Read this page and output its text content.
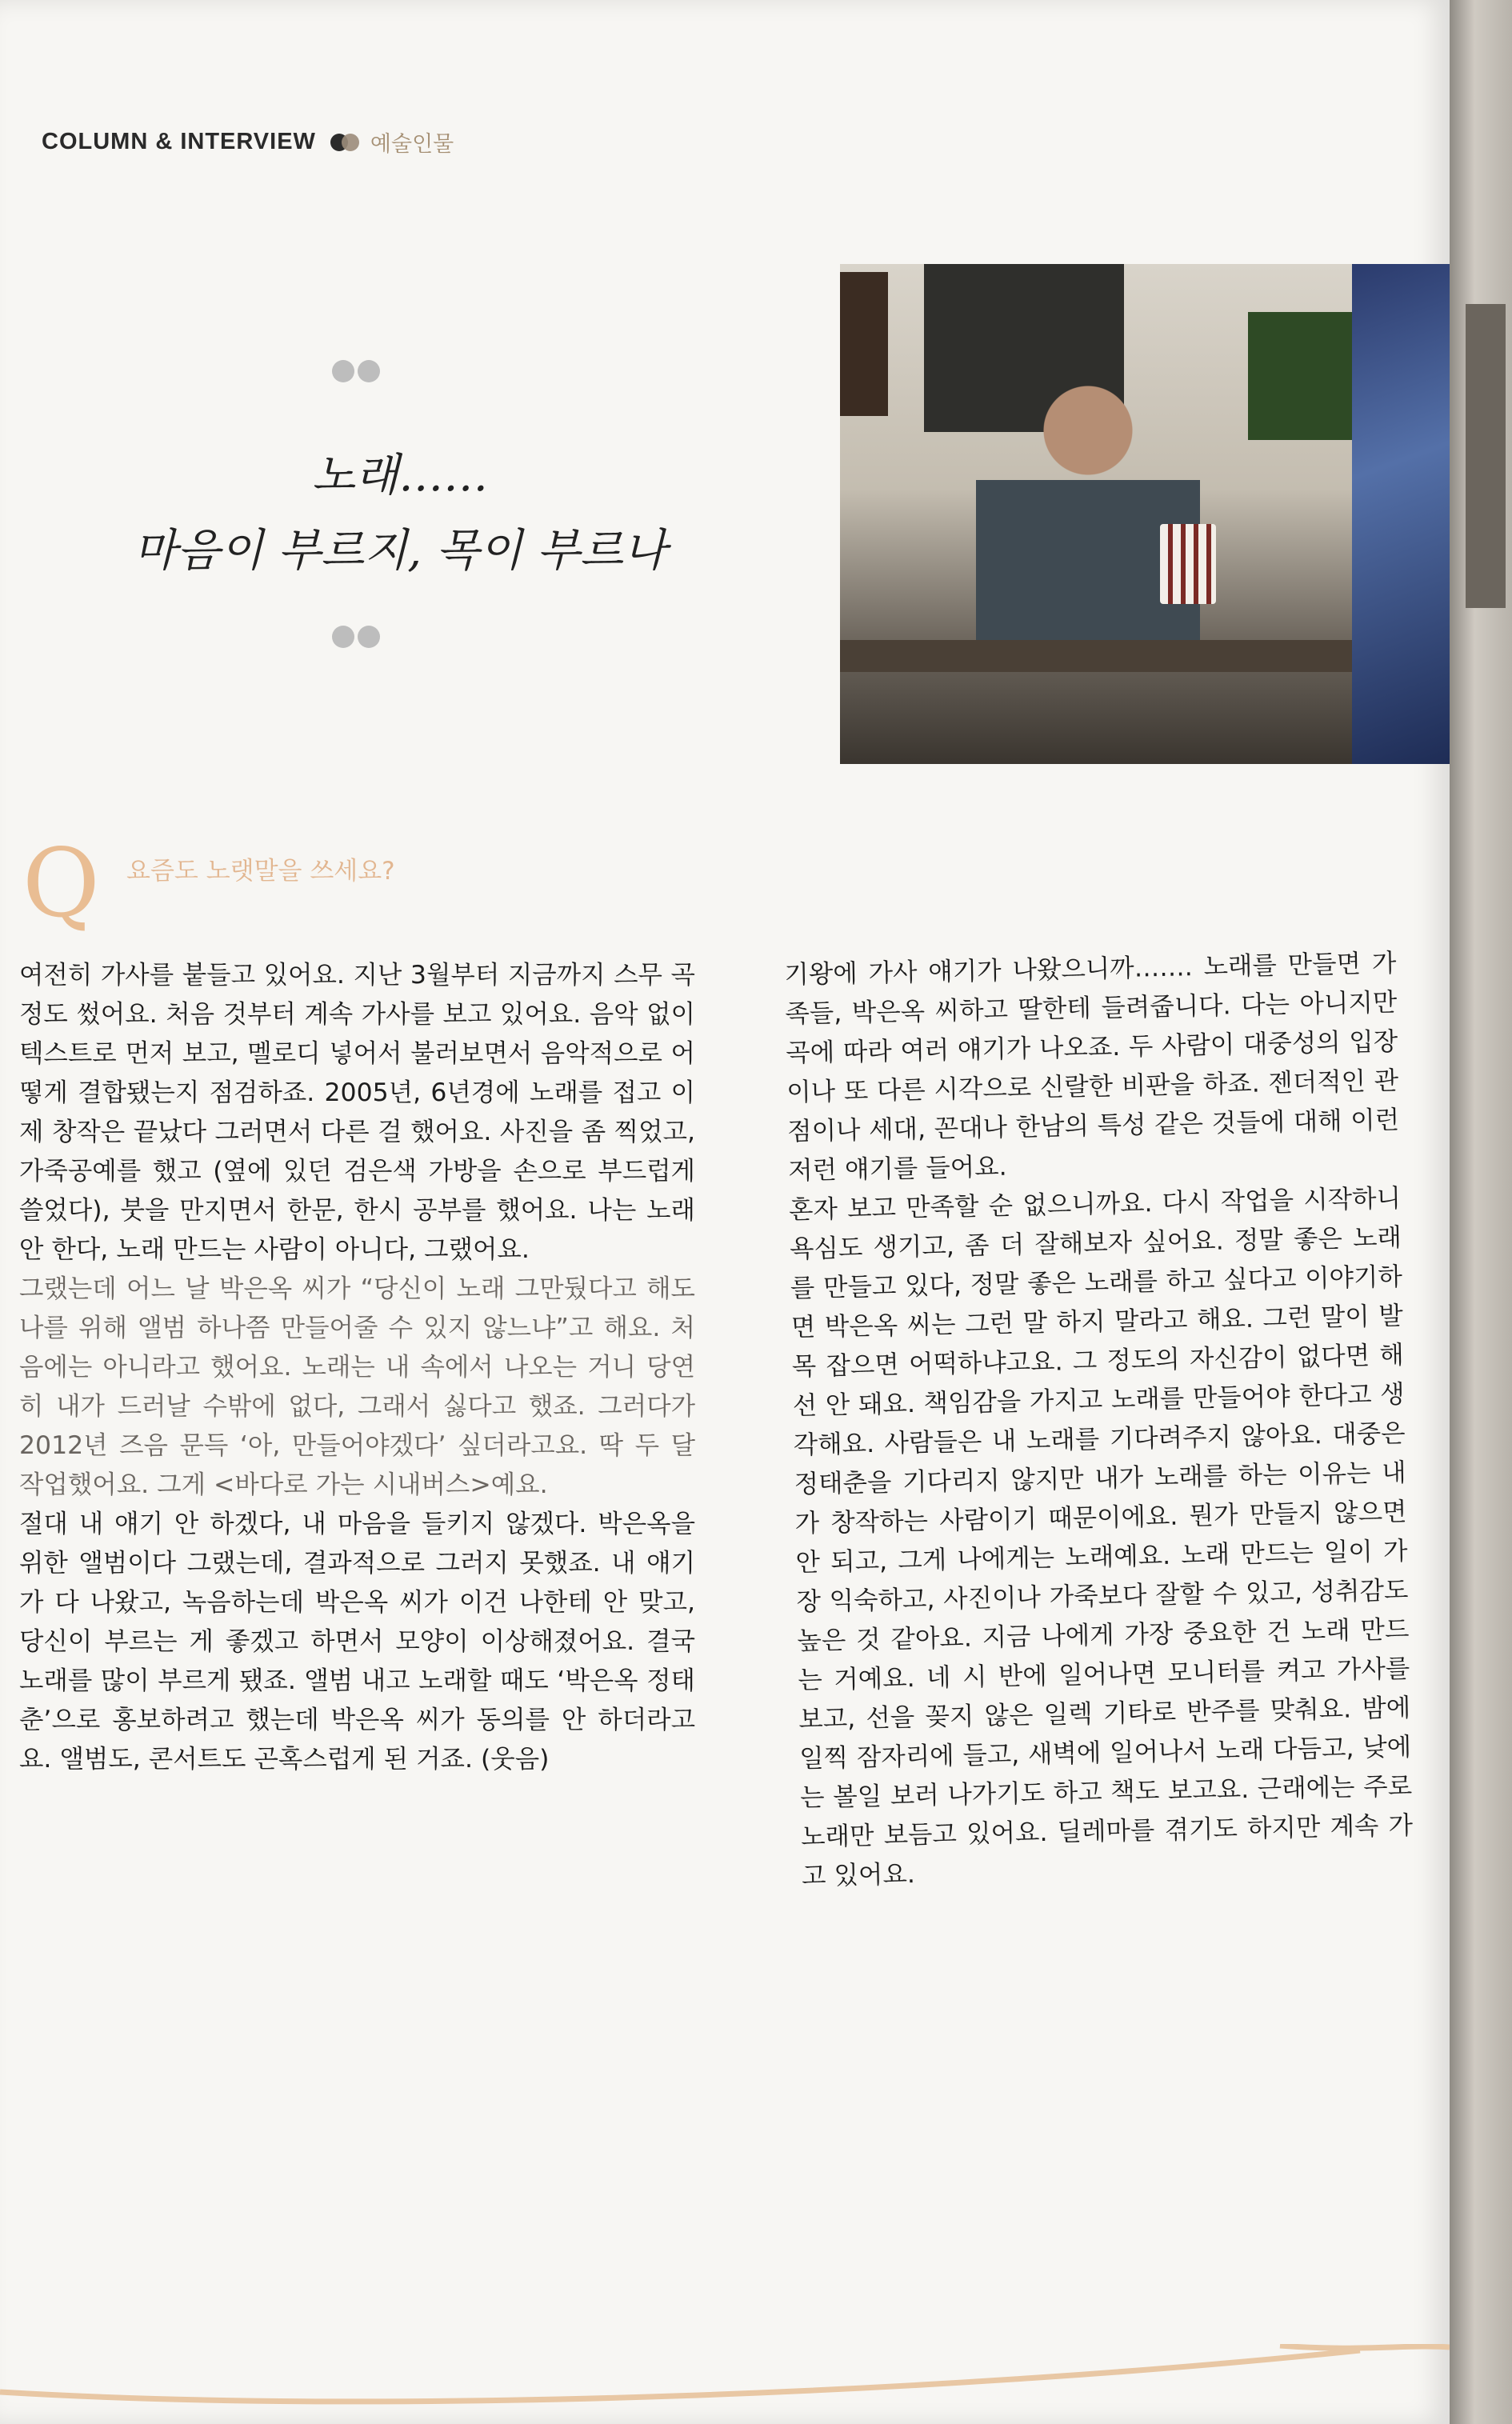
COLUMN & INTERVIEW	예술인물
노래……
마음이 부르지, 목이 부르나
Q 요즘도 노랫말을 쓰세요?

여전히 가사를 붙들고 있어요. 지난 3월부터 지금까지 스무 곡 정도 썼어요. 처음 것부터 계속 가사를 보고 있어요. 음악 없이 텍스트로 먼저 보고, 멜로디 넣어서 불러보면서 음악적으로 어떻게 결합됐는지 점검하죠. 2005년, 6년경에 노래를 접고 이제 창작은 끝났다 그러면서 다른 걸 했어요. 사진을 좀 찍었고, 가죽공예를 했고 (옆에 있던 검은색 가방을 손으로 부드럽게 쓸었다), 붓을 만지면서 한문, 한시 공부를 했어요. 나는 노래 안 한다, 노래 만드는 사람이 아니다, 그랬어요.

그랬는데 어느 날 박은옥 씨가 “당신이 노래 그만뒀다고 해도 나를 위해 앨범 하나쯤 만들어줄 수 있지 않느냐”고 해요. 처음에는 아니라고 했어요. 노래는 내 속에서 나오는 거니 당연히 내가 드러날 수밖에 없다, 그래서 싫다고 했죠. 그러다가 2012년 즈음 문득 ‘아, 만들어야겠다’ 싶더라고요. 딱 두 달 작업했어요. 그게 <바다로 가는 시내버스>예요.

절대 내 얘기 안 하겠다, 내 마음을 들키지 않겠다. 박은옥을 위한 앨범이다 그랬는데, 결과적으로 그러지 못했죠. 내 얘기가 다 나왔고, 녹음하는데 박은옥 씨가 이건 나한테 안 맞고, 당신이 부르는 게 좋겠고 하면서 모양이 이상해졌어요. 결국 노래를 많이 부르게 됐죠. 앨범 내고 노래할 때도 ‘박은옥 정태춘’으로 홍보하려고 했는데 박은옥 씨가 동의를 안 하더라고요. 앨범도, 콘서트도 곤혹스럽게 된 거죠. (웃음)

기왕에 가사 얘기가 나왔으니까……. 노래를 만들면 가족들, 박은옥 씨하고 딸한테 들려줍니다. 다는 아니지만 곡에 따라 여러 얘기가 나오죠. 두 사람이 대중성의 입장이나 또 다른 시각으로 신랄한 비판을 하죠. 젠더적인 관점이나 세대, 꼰대나 한남의 특성 같은 것들에 대해 이런저런 얘기를 들어요.

혼자 보고 만족할 순 없으니까요. 다시 작업을 시작하니 욕심도 생기고, 좀 더 잘해보자 싶어요. 정말 좋은 노래를 만들고 있다, 정말 좋은 노래를 하고 싶다고 이야기하면 박은옥 씨는 그런 말 하지 말라고 해요. 그런 말이 발목 잡으면 어떡하냐고요. 그 정도의 자신감이 없다면 해선 안 돼요. 책임감을 가지고 노래를 만들어야 한다고 생각해요. 사람들은 내 노래를 기다려주지 않아요. 대중은 정태춘을 기다리지 않지만 내가 노래를 하는 이유는 내가 창작하는 사람이기 때문이에요. 뭔가 만들지 않으면 안 되고, 그게 나에게는 노래예요. 노래 만드는 일이 가장 익숙하고, 사진이나 가죽보다 잘할 수 있고, 성취감도 높은 것 같아요. 지금 나에게 가장 중요한 건 노래 만드는 거예요. 네 시 반에 일어나면 모니터를 켜고 가사를 보고, 선을 꽂지 않은 일렉 기타로 반주를 맞춰요. 밤에 일찍 잠자리에 들고, 새벽에 일어나서 노래 다듬고, 낮에는 볼일 보러 나가기도 하고 책도 보고요. 근래에는 주로 노래만 보듬고 있어요. 딜레마를 겪기도 하지만 계속 가고 있어요.
